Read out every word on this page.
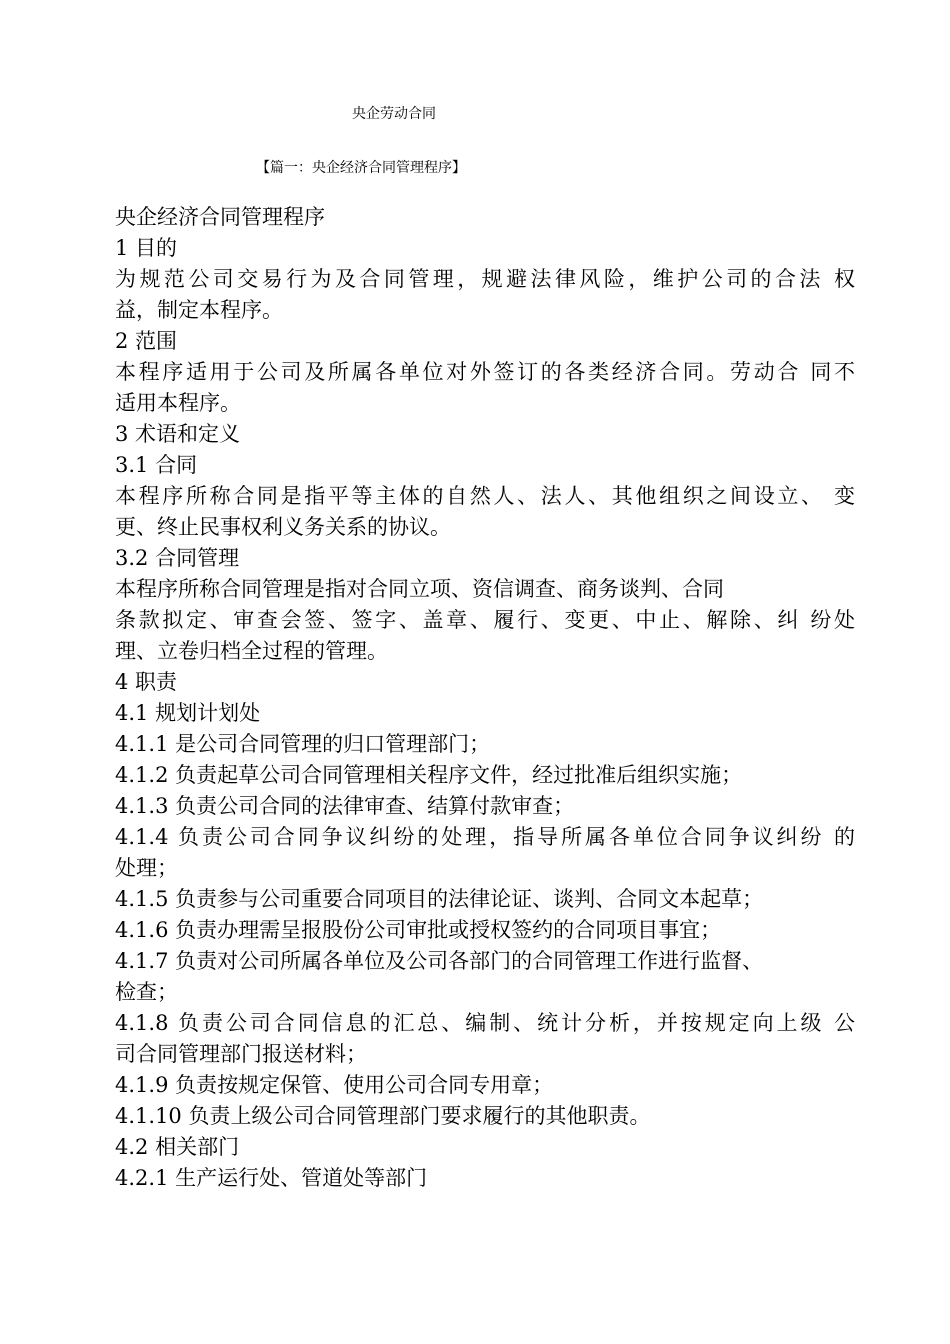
央企劳动合同
【篇一：央企经济合同管理程序】
央企经济合同管理程序
1 目的
为规范公司交易行为及合同管理，规避法律风险，维护公司的合法 权
益，制定本程序。
2 范围
本程序适用于公司及所属各单位对外签订的各类经济合同。劳动合 同不
适用本程序。
3 术语和定义
3.1 合同
本程序所称合同是指平等主体的自然人、法人、其他组织之间设立、 变
更、终止民事权利义务关系的协议。
3.2 合同管理
本程序所称合同管理是指对合同立项、资信调查、商务谈判、合同
条款拟定、审查会签、签字、盖章、履行、变更、中止、解除、纠 纷处
理、立卷归档全过程的管理。
4 职责
4.1 规划计划处
4.1.1 是公司合同管理的归口管理部门；
4.1.2 负责起草公司合同管理相关程序文件，经过批准后组织实施；
4.1.3 负责公司合同的法律审查、结算付款审查；
4.1.4 负责公司合同争议纠纷的处理，指导所属各单位合同争议纠纷 的
处理；
4.1.5 负责参与公司重要合同项目的法律论证、谈判、合同文本起草；
4.1.6 负责办理需呈报股份公司审批或授权签约的合同项目事宜；
4.1.7 负责对公司所属各单位及公司各部门的合同管理工作进行监督、
检查；
4.1.8 负责公司合同信息的汇总、编制、统计分析，并按规定向上级 公
司合同管理部门报送材料；
4.1.9 负责按规定保管、使用公司合同专用章；
4.1.10 负责上级公司合同管理部门要求履行的其他职责。
4.2 相关部门
4.2.1 生产运行处、管道处等部门
